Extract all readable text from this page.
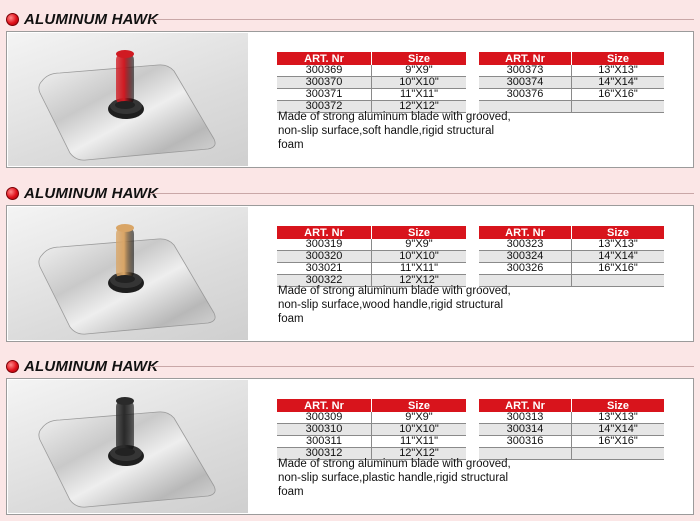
ALUMINUM HAWK
ART. Nr	Size
300369	9"X9"
300370	10"X10"
300371	11"X11"
300372	12"X12"
ART. Nr	Size
300373	13"X13"
300374	14"X14"
300376	16"X16"

Made of strong aluminum blade with grooved,
non-slip surface,soft handle,rigid structural
foam
ALUMINUM HAWK
ART. Nr	Size
300319	9"X9"
300320	10"X10"
303021	11"X11"
300322	12"X12"
ART. Nr	Size
300323	13"X13"
300324	14"X14"
300326	16"X16"

Made of strong aluminum blade with grooved,
non-slip surface,wood handle,rigid structural
foam
ALUMINUM HAWK
ART. Nr	Size
300309	9"X9"
300310	10"X10"
300311	11"X11"
300312	12"X12"
ART. Nr	Size
300313	13"X13"
300314	14"X14"
300316	16"X16"

Made of strong aluminum blade with grooved,
non-slip surface,plastic handle,rigid structural
foam
